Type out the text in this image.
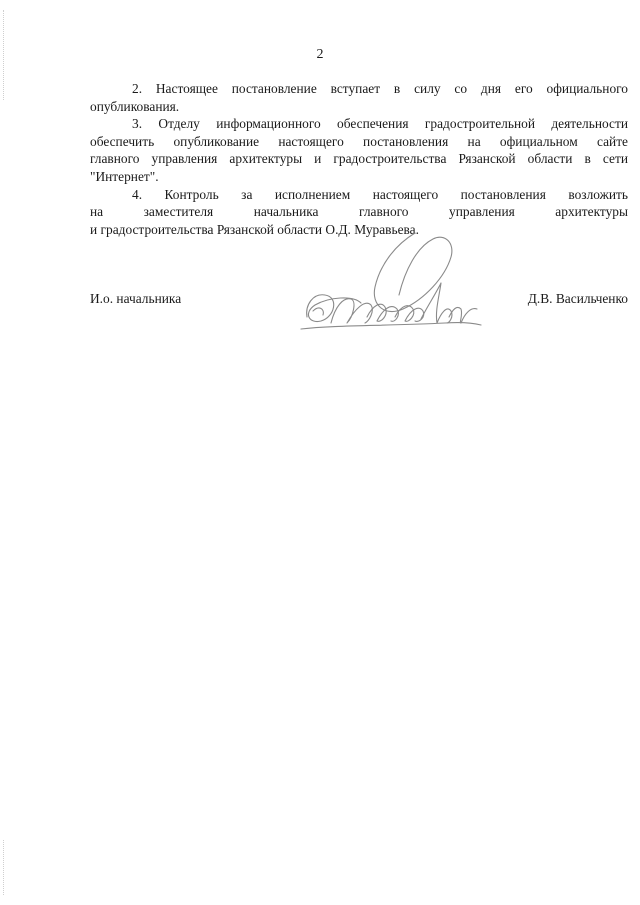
2

2. Настоящее постановление вступает в силу со дня его официального
опубликования.

3. Отделу информационного обеспечения градостроительной деятельности
обеспечить опубликование настоящего постановления на официальном сайте
главного управления архитектуры и градостроительства Рязанской области в сети
"Интернет".

4. Контроль за исполнением настоящего постановления возложить
на заместителя начальника главного управления архитектуры
и градостроительства Рязанской области О.Д. Муравьева.

И.о. начальника	Д.В. Васильченко
